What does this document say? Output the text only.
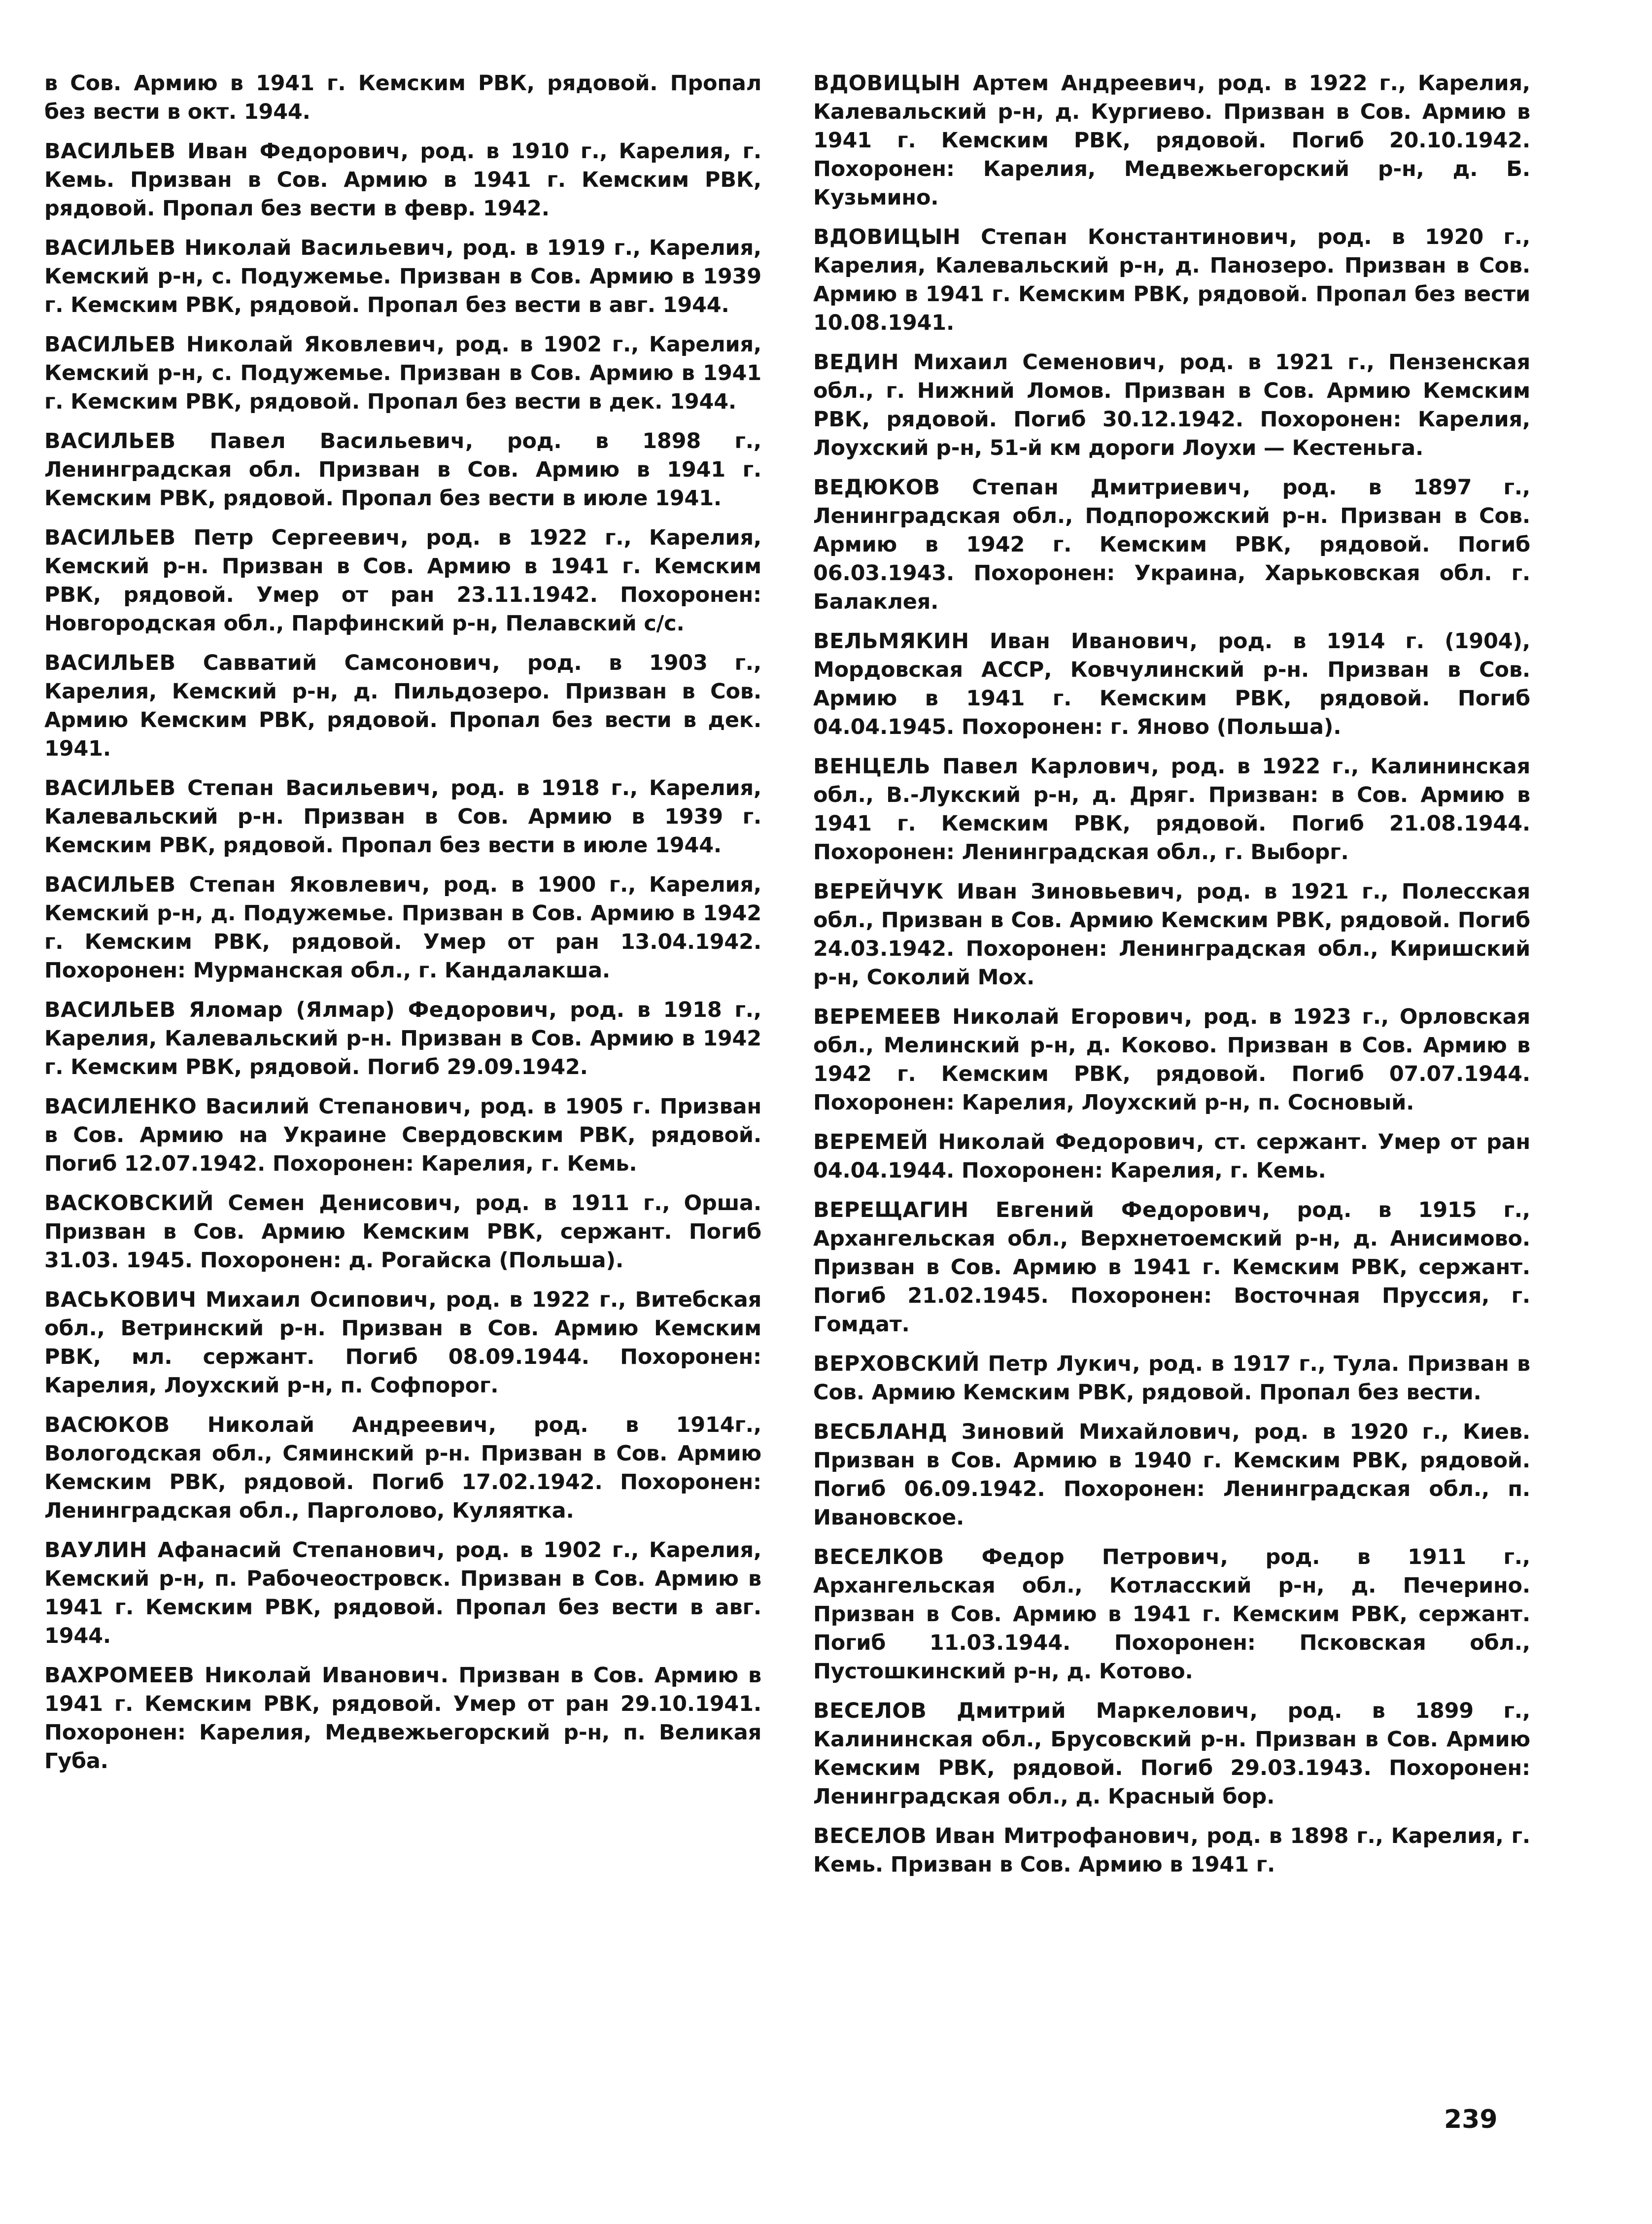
в Сов. Армию в 1941 г. Кемским РВК, рядовой. Пропал без вести в окт. 1944.

ВАСИЛЬЕВ Иван Федорович, род. в 1910 г., Карелия, г. Кемь. Призван в Сов. Армию в 1941 г. Кемским РВК, рядовой. Пропал без вести в февр. 1942.

ВАСИЛЬЕВ Николай Васильевич, род. в 1919 г., Карелия, Кемский р-н, с. Подужемье. Призван в Сов. Армию в 1939 г. Кемским РВК, рядовой. Пропал без вести в авг. 1944.

ВАСИЛЬЕВ Николай Яковлевич, род. в 1902 г., Карелия, Кемский р-н, с. Подужемье. Призван в Сов. Армию в 1941 г. Кемским РВК, рядовой. Пропал без вести в дек. 1944.

ВАСИЛЬЕВ Павел Васильевич, род. в 1898 г., Ленинградская обл. Призван в Сов. Армию в 1941 г. Кемским РВК, рядовой. Пропал без вести в июле 1941.

ВАСИЛЬЕВ Петр Сергеевич, род. в 1922 г., Карелия, Кемский р-н. Призван в Сов. Армию в 1941 г. Кемским РВК, рядовой. Умер от ран 23.11.1942. Похоронен: Новгородская обл., Парфинский р-н, Пелавский с/с.

ВАСИЛЬЕВ Савватий Самсонович, род. в 1903 г., Карелия, Кемский р-н, д. Пильдозеро. Призван в Сов. Армию Кемским РВК, рядовой. Пропал без вести в дек. 1941.

ВАСИЛЬЕВ Степан Васильевич, род. в 1918 г., Карелия, Калевальский р-н. Призван в Сов. Армию в 1939 г. Кемским РВК, рядовой. Пропал без вести в июле 1944.

ВАСИЛЬЕВ Степан Яковлевич, род. в 1900 г., Карелия, Кемский р-н, д. Подужемье. Призван в Сов. Армию в 1942 г. Кемским РВК, рядовой. Умер от ран 13.04.1942. Похоронен: Мурманская обл., г. Кандалакша.

ВАСИЛЬЕВ Яломар (Ялмар) Федорович, род. в 1918 г., Карелия, Калевальский р-н. Призван в Сов. Армию в 1942 г. Кемским РВК, рядовой. Погиб 29.09.1942.

ВАСИЛЕНКО Василий Степанович, род. в 1905 г. Призван в Сов. Армию на Украине Свердовским РВК, рядовой. Погиб 12.07.1942. Похоронен: Карелия, г. Кемь.

ВАСКОВСКИЙ Семен Денисович, род. в 1911 г., Орша. Призван в Сов. Армию Кемским РВК, сержант. Погиб 31.03. 1945. Похоронен: д. Рогайска (Польша).

ВАСЬКОВИЧ Михаил Осипович, род. в 1922 г., Витебская обл., Ветринский р-н. Призван в Сов. Армию Кемским РВК, мл. сержант. Погиб 08.09.1944. Похоронен: Карелия, Лоухский р-н, п. Софпорог.

ВАСЮКОВ Николай Андреевич, род. в 1914г., Вологодская обл., Сяминский р-н. Призван в Сов. Армию Кемским РВК, рядовой. Погиб 17.02.1942. Похоронен: Ленинградская обл., Парголово, Куляятка.

ВАУЛИН Афанасий Степанович, род. в 1902 г., Карелия, Кемский р-н, п. Рабочеостровск. Призван в Сов. Армию в 1941 г. Кемским РВК, рядовой. Пропал без вести в авг. 1944.

ВАХРОМЕЕВ Николай Иванович. Призван в Сов. Армию в 1941 г. Кемским РВК, рядовой. Умер от ран 29.10.1941. Похоронен: Карелия, Медвежьегорский р-н, п. Великая Губа.

ВДОВИЦЫН Артем Андреевич, род. в 1922 г., Карелия, Калевальский р-н, д. Кургиево. Призван в Сов. Армию в 1941 г. Кемским РВК, рядовой. Погиб 20.10.1942. Похоронен: Карелия, Медвежьегорский р-н, д. Б. Кузьмино.

ВДОВИЦЫН Степан Константинович, род. в 1920 г., Карелия, Калевальский р-н, д. Панозеро. Призван в Сов. Армию в 1941 г. Кемским РВК, рядовой. Пропал без вести 10.08.1941.

ВЕДИН Михаил Семенович, род. в 1921 г., Пензенская обл., г. Нижний Ломов. Призван в Сов. Армию Кемским РВК, рядовой. Погиб 30.12.1942. Похоронен: Карелия, Лоухский р-н, 51-й км дороги Лоухи — Кестеньга.

ВЕДЮКОВ Степан Дмитриевич, род. в 1897 г., Ленинградская обл., Подпорожский р-н. Призван в Сов. Армию в 1942 г. Кемским РВК, рядовой. Погиб 06.03.1943. Похоронен: Украина, Харьковская обл. г. Балаклея.

ВЕЛЬМЯКИН Иван Иванович, род. в 1914 г. (1904), Мордовская АССР, Ковчулинский р-н. Призван в Сов. Армию в 1941 г. Кемским РВК, рядовой. Погиб 04.04.1945. Похоронен: г. Яново (Польша).

ВЕНЦЕЛЬ Павел Карлович, род. в 1922 г., Калининская обл., В.-Лукский р-н, д. Дряг. Призван: в Сов. Армию в 1941 г. Кемским РВК, рядовой. Погиб 21.08.1944. Похоронен: Ленинградская обл., г. Выборг.

ВЕРЕЙЧУК Иван Зиновьевич, род. в 1921 г., Полесская обл., Призван в Сов. Армию Кемским РВК, рядовой. Погиб 24.03.1942. Похоронен: Ленинградская обл., Киришский р-н, Соколий Мох.

ВЕРЕМЕЕВ Николай Егорович, род. в 1923 г., Орловская обл., Мелинский р-н, д. Коково. Призван в Сов. Армию в 1942 г. Кемским РВК, рядовой. Погиб 07.07.1944. Похоронен: Карелия, Лоухский р-н, п. Сосновый.

ВЕРЕМЕЙ Николай Федорович, ст. сержант. Умер от ран 04.04.1944. Похоронен: Карелия, г. Кемь.

ВЕРЕЩАГИН Евгений Федорович, род. в 1915 г., Архангельская обл., Верхнетоемский р-н, д. Анисимово. Призван в Сов. Армию в 1941 г. Кемским РВК, сержант. Погиб 21.02.1945. Похоронен: Восточная Пруссия, г. Гомдат.

ВЕРХОВСКИЙ Петр Лукич, род. в 1917 г., Тула. Призван в Сов. Армию Кемским РВК, рядовой. Пропал без вести.

ВЕСБЛАНД Зиновий Михайлович, род. в 1920 г., Киев. Призван в Сов. Армию в 1940 г. Кемским РВК, рядовой. Погиб 06.09.1942. Похоронен: Ленинградская обл., п. Ивановское.

ВЕСЕЛКОВ Федор Петрович, род. в 1911 г., Архангельская обл., Котласский р-н, д. Печерино. Призван в Сов. Армию в 1941 г. Кемским РВК, сержант. Погиб 11.03.1944. Похоронен: Псковская обл., Пустошкинский р-н, д. Котово.

ВЕСЕЛОВ Дмитрий Маркелович, род. в 1899 г., Калининская обл., Брусовский р-н. Призван в Сов. Армию Кемским РВК, рядовой. Погиб 29.03.1943. Похоронен: Ленинградская обл., д. Красный бор.

ВЕСЕЛОВ Иван Митрофанович, род. в 1898 г., Карелия, г. Кемь. Призван в Сов. Армию в 1941 г.

239
